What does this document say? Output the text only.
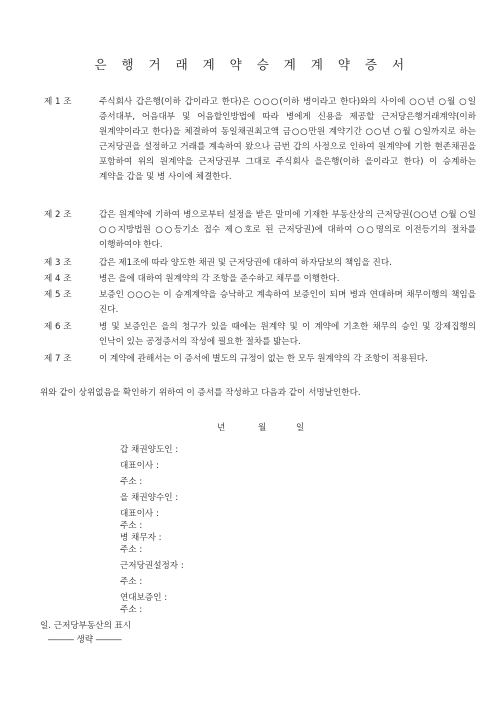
은 행 거 래 계 약 승 계 계 약 증 서
제 1 조	주식회사 갑은행(이하 갑이라고 한다)은 ○○○(이하 병이라고 한다)와의 사이에 ○○년 ○월 ○일 증서대부, 어음대부 및 어음할인방법에 따라 병에게 신용을 제공할 근저당은행거래계약(이하 원계약이라고 한다)을 체결하여 동일채권최고액 금○○만원 계약기간 ○○년 ○월 ○일까지로 하는 근저당권을 설정하고 거래를 계속하여 왔으나 금번 갑의 사정으로 인하여 원계약에 기한 현존채권을 포함하여 위의 원계약을 근저당권부 그대로 주식회사 을은행(이하 을이라고 한다) 이 승계하는 계약을 갑을 및 병 사이에 체결한다.
제 2 조	갑은 원계약에 기하여 병으로부터 설정을 받은 말미에 기재한 부동산상의 근저당권(○○년 ○월 ○일 ○○지방법원 ○○등기소 접수 제○호로 된 근저당권)에 대하여 ○○명의로 이전등기의 절차를 이행하여야 한다.
제 3 조	갑은 제1조에 따라 양도한 채권 및 근저당권에 대하여 하자담보의 책임을 진다.
제 4 조	병은 을에 대하여 원계약의 각 조항을 준수하고 채무를 이행한다.
제 5 조	보증인 ○○○는 이 승계계약을 승낙하고 계속하여 보증인이 되며 병과 연대하며 채무이행의 책임을 진다.
제 6 조	병 및 보증인은 을의 청구가 있을 때에는 원계약 및 이 계약에 기초한 채무의 승인 및 강제집행의 인낙이 있는 공정증서의 작성에 필요한 절차를 밟는다.
제 7 조	이 계약에 관해서는 이 증서에 별도의 규정이 없는 한 모두 원계약의 각 조항이 적용된다.
위와 같이 상위없음을 확인하기 위하여 이 증서를 작성하고 다음과 같이 서명날인한다.
년	월	일
갑 채권양도인 :
대표이사 :
주소 :
을 채권양수인 :
대표이사 :
주소 :
병 채무자 :
주소 :
근저당권설정자 :
주소 :
연대보증인 :
주소 :
일. 근저당부동산의 표시
――― 생략 ―――
